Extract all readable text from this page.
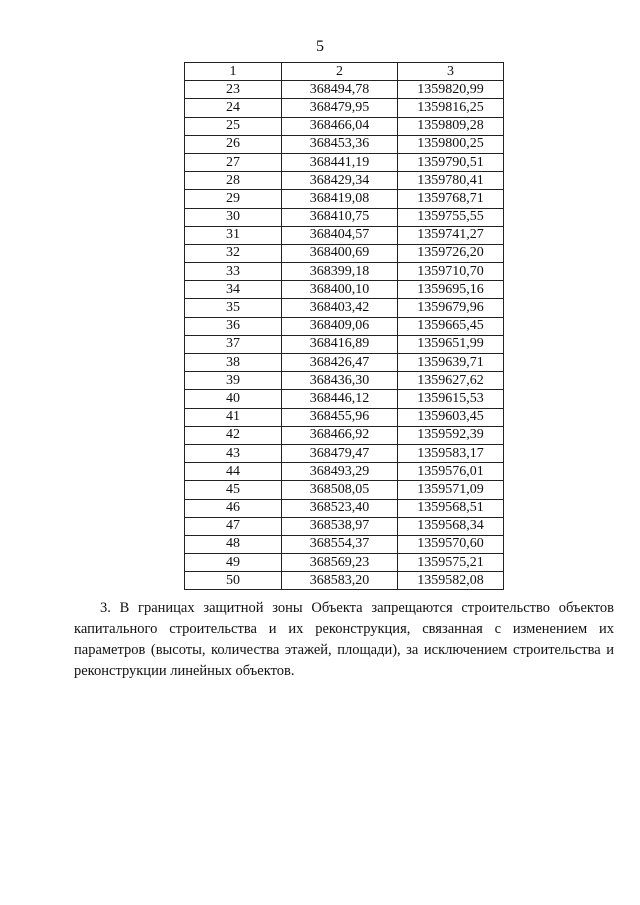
5
1	2	3
23	368494,78	1359820,99
24	368479,95	1359816,25
25	368466,04	1359809,28
26	368453,36	1359800,25
27	368441,19	1359790,51
28	368429,34	1359780,41
29	368419,08	1359768,71
30	368410,75	1359755,55
31	368404,57	1359741,27
32	368400,69	1359726,20
33	368399,18	1359710,70
34	368400,10	1359695,16
35	368403,42	1359679,96
36	368409,06	1359665,45
37	368416,89	1359651,99
38	368426,47	1359639,71
39	368436,30	1359627,62
40	368446,12	1359615,53
41	368455,96	1359603,45
42	368466,92	1359592,39
43	368479,47	1359583,17
44	368493,29	1359576,01
45	368508,05	1359571,09
46	368523,40	1359568,51
47	368538,97	1359568,34
48	368554,37	1359570,60
49	368569,23	1359575,21
50	368583,20	1359582,08

3. В границах защитной зоны Объекта запрещаются строительство объектов капитального строительства и их реконструкция, связанная с изменением их параметров (высоты, количества этажей, площади), за исключением строительства и реконструкции линейных объектов.
